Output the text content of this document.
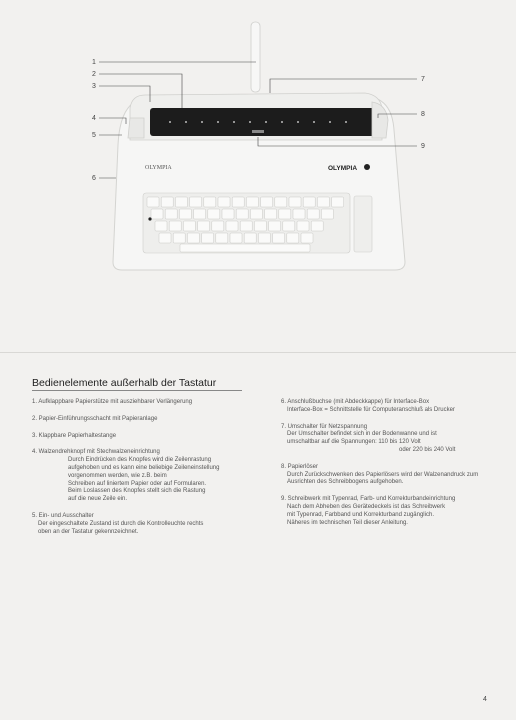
OLYMPIA	OLYMPIA
1
2
3
4
5
6
7
8
9
Bedienelemente außerhalb der Tastatur
1. Aufklappbare Papierstütze mit ausziehbarer Verlängerung
2. Papier-Einführungsschacht mit Papieranlage
3. Klappbare Papierhaltestange
4. Walzendrehknopf mit Stechwalzeneinrichtung
Durch Eindrücken des Knopfes wird die Zeilenrastung
aufgehoben und es kann eine beliebige Zeileneinstellung vorgenommen werden, wie z.B. beim
Schreiben auf liniertem Papier oder auf Formularen.
Beim Loslassen des Knopfes stellt sich die Rastung
auf die neue Zeile ein.
5. Ein- und Ausschalter
Der eingeschaltete Zustand ist durch die Kontrolleuchte rechts
oben an der Tastatur gekennzeichnet.
6. Anschlußbuchse (mit Abdeckkappe) für Interface-Box
Interface-Box = Schnittstelle für Computeranschluß als Drucker
7. Umschalter für Netzspannung
Der Umschalter befindet sich in der Bodenwanne und ist
umschaltbar auf die Spannungen: 110 bis 120 Volt
oder 220 bis 240 Volt
8. Papierlöser
Durch Zurückschwenken des Papierlösers wird der Walzenandruck zum Ausrichten des Schreibbogens aufgehoben.
9. Schreibwerk mit Typenrad, Farb- und Korrekturbandeinrichtung
Nach dem Abheben des Gerätedeckels ist das Schreibwerk
mit Typenrad, Farbband und Korrekturband zugänglich.
Näheres im technischen Teil dieser Anleitung.
4
